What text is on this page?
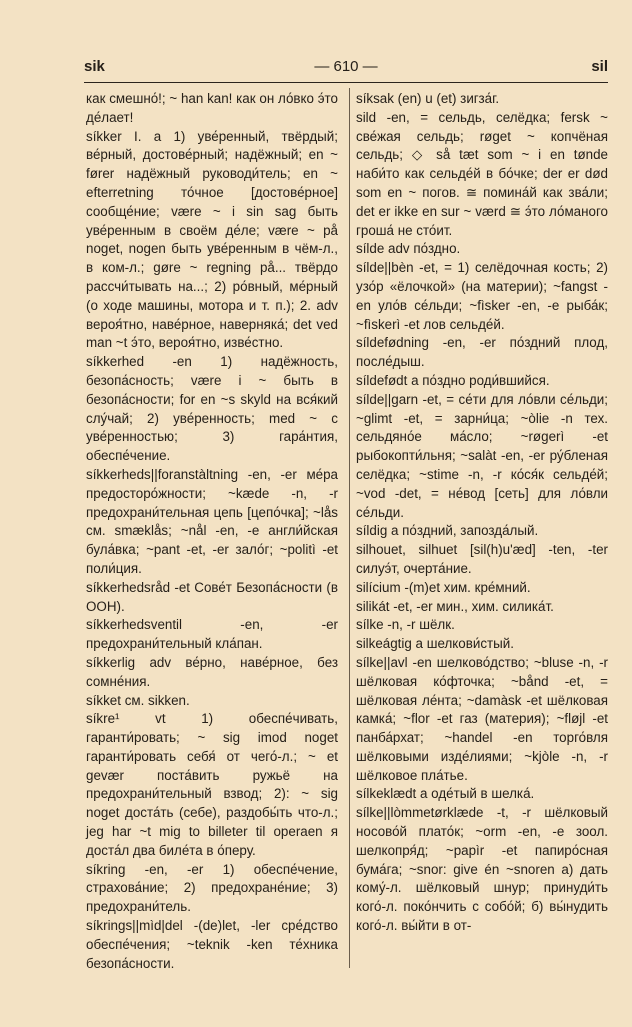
sik	— 610 —	sil
как смешно́!; ~ han kan! как он ло́вко э́то де́лает!
síkker I. a 1) уве́ренный, твёрдый; ве́рный, достове́рный; надёжный; en ~ fører надёжный руководи́тель; en ~ efterretning то́чное [достове́рное] сообще́ние; være ~ i sin sag быть уве́ренным в своём де́ле; være ~ på noget, nogen быть уве́ренным в чём-л., в ком-л.; gøre ~ regning på... твёрдо рассчи́тывать на...; 2) ро́вный, ме́рный (о ходе машины, мотора и т. п.); 2. adv вероя́тно, наве́рное, наверняка́; det ved man ~t э́то, вероя́тно, изве́стно.
síkkerhed -en 1) надёжность, безопа́сность; være i ~ быть в безопа́сности; for en ~s skyld на вся́кий слу́чай; 2) уве́ренность; med ~ с уве́ренностью; 3) гара́нтия, обеспе́чение.
síkkerheds||foranstàltning -en, -er ме́ра предосторо́жности; ~kæde -n, -r предохрани́тельная цепь [цепо́чка]; ~lås см. smæklås; ~nål -en, -e англи́йская була́вка; ~pant -et, -er зало́г; ~politì -et поли́ция.
síkkerhedsråd -et Сове́т Безопа́сности (в ООН).
síkkerhedsventil -en, -er предохрани́тельный кла́пан.
síkkerlig adv ве́рно, наве́рное, без сомне́ния.
síkket см. sikken.
síkre¹ vt 1) обеспе́чивать, гаранти́ровать; ~ sig imod noget гаранти́ровать себя́ от чего́-л.; ~ et gevær поста́вить ружьё на предохрани́тельный взвод; 2): ~ sig noget доста́ть (себе), раздобы́ть что-л.; jeg har ~t mig to billeter til operaen я доста́л два биле́та в о́перу.
síkring -en, -er 1) обеспе́чение, страхова́ние; 2) предохране́ние; 3) предохрани́тель.
síkrings||mìd|del -(de)let, -ler сре́дство обеспе́чения; ~teknik -ken те́хника безопа́сности.
síksak (en) u (et) зигза́г.
sild -en, = сельдь, селёдка; fersk ~ све́жая сельдь; røget ~ копчёная сельдь; ◇ så tæt som ~ i en tønde наби́то как сельде́й в бо́чке; der er død som en ~ погов. ≅ помина́й как зва́ли; det er ikke en sur ~ værd ≅ э́то ло́маного гроша́ не сто́ит.
sílde adv по́здно.
sílde||bèn -et, = 1) селёдочная кость; 2) узо́р «ёлочкой» (на материи); ~fangst -en уло́в се́льди; ~fìsker -en, -e рыба́к; ~fìskerì -et лов сельде́й.
síldefødning -en, -er по́здний плод, после́дыш.
síldefødt a по́здно роди́вшийся.
sílde||garn -et, = се́ти для ло́вли се́льди; ~glimt -et, = зарни́ца; ~òlie -n тех. сельдяно́е ма́сло; ~røgerì -et рыбокопти́льня; ~salàt -en, -er ру́бленая селёдка; ~stime -n, -r ко́ся́к сельде́й; ~vod -det, = не́вод [сеть] для ло́вли се́льди.
síldig a по́здний, запозда́лый.
silhouet, silhuet [sil(h)u'æd] -ten, -ter силуэ́т, очерта́ние.
silícium -(m)et хим. кре́мний.
silikát -et, -er мин., хим. силика́т.
sílke -n, -r шёлк.
silkeágtig a шелкови́стый.
sílke||avl -en шелково́дство; ~bluse -n, -r шёлковая ко́фточка; ~bånd -et, = шёлковая ле́нта; ~damàsk -et шёлковая камка́; ~flor -et газ (материя); ~fløjl -et панба́рхат; ~handel -en торго́вля шёлковыми изде́лиями; ~kjòle -n, -r шёлковое пла́тье.
sílkeklædt a оде́тый в шелка́.
sílke||lòmmetørklæde -t, -r шёлковый носово́й плато́к; ~orm -en, -e зоол. шелкопря́д; ~papìr -et папиро́сная бума́га; ~snor: give én ~snoren а) дать кому́-л. шёлковый шнур; принуди́ть кого́-л. поко́нчить с собо́й; б) вы́нудить кого́-л. вы́йти в от-
